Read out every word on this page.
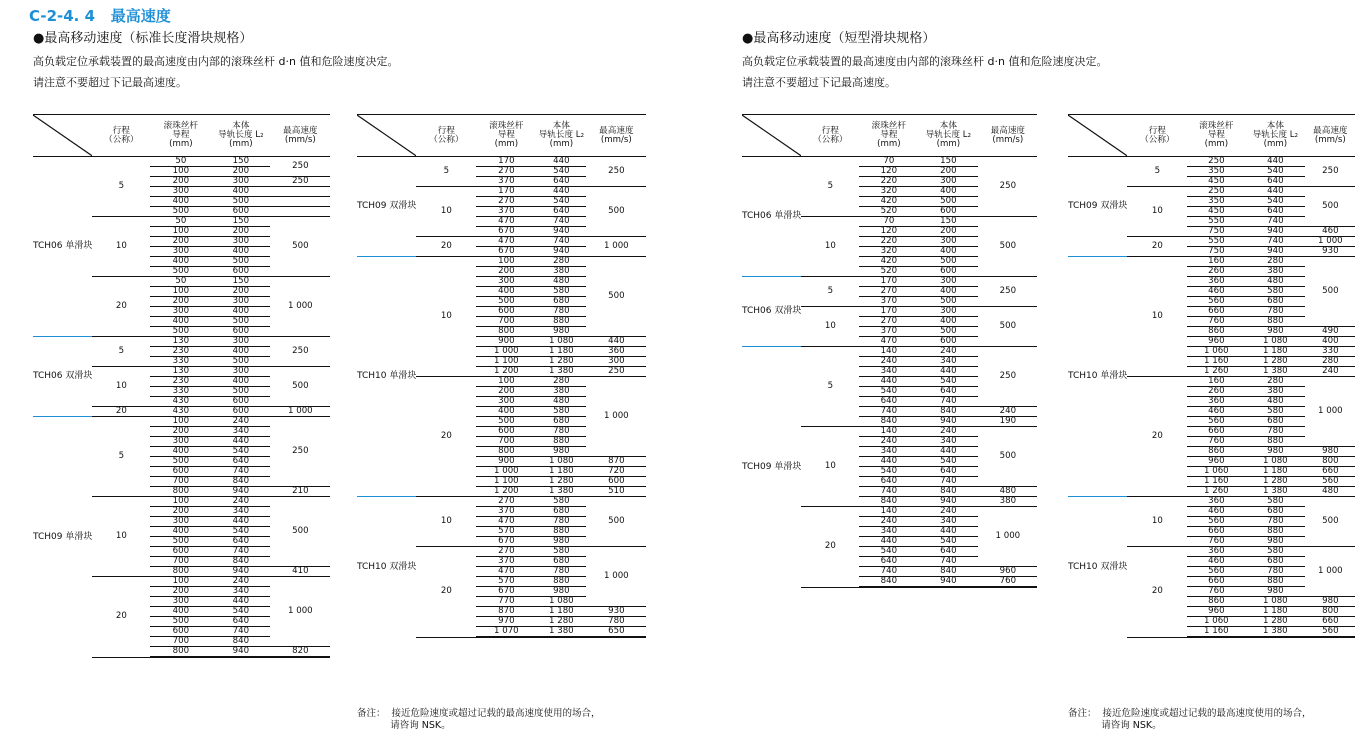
C-2-4. 4 最高速度
●最高移动速度（标准长度滑块规格）
高负载定位承载装置的最高速度由内部的滚珠丝杆 d·n 值和危险速度决定。
请注意不要超过下记最高速度。
●最高移动速度（短型滑块规格）
高负载定位承载装置的最高速度由内部的滚珠丝杆 d·n 值和危险速度决定。
请注意不要超过下记最高速度。
	行程
（公称）	滚珠丝杆
导程
(mm)	本体
导轨长度 L₂
(mm)	最高速度
(mm/s)
TCH06 单滑块	5	50	150	250
		100	200	
		200	300	250
		300	400	
		400	500	
		500	600	
	10	50	150	500
		100	200	
		200	300	
		300	400	
		400	500	
		500	600	
	20	50	150	1 000
		100	200	
		200	300	
		300	400	
		400	500	
		500	600	
TCH06 双滑块	5	130	300	250
		230	400	
		330	500	
	10	130	300	500
		230	400	
		330	500	
		430	600	
	20	430	600	1 000
TCH09 单滑块	5	100	240	250
		200	340	
		300	440	
		400	540	
		500	640	
		600	740	
		700	840	
		800	940	210
	10	100	240	500
		200	340	
		300	440	
		400	540	
		500	640	
		600	740	
		700	840	
		800	940	410
	20	100	240	1 000
		200	340	
		300	440	
		400	540	
		500	640	
		600	740	
		700	840	
		800	940	820
	行程
（公称）	滚珠丝杆
导程
(mm)	本体
导轨长度 L₂
(mm)	最高速度
(mm/s)
TCH09 双滑块	5	170	440	250
		270	540	
		370	640	
	10	170	440	500
		270	540	
		370	640	
		470	740	
		670	940	
	20	470	740	1 000
		670	940	
TCH10 单滑块	10	100	280	500
		200	380	
		300	480	
		400	580	
		500	680	
		600	780	
		700	880	
		800	980	
		900	1 080	440
		1 000	1 180	360
		1 100	1 280	300
		1 200	1 380	250
	20	100	280	1 000
		200	380	
		300	480	
		400	580	
		500	680	
		600	780	
		700	880	
		800	980	
		900	1 080	870
		1 000	1 180	720
		1 100	1 280	600
		1 200	1 380	510
TCH10 双滑块	10	270	580	500
		370	680	
		470	780	
		570	880	
		670	980	
	20	270	580	1 000
		370	680	
		470	780	
		570	880	
		670	980	
		770	1 080	
		870	1 180	930
		970	1 280	780
		1 070	1 380	650
	行程
（公称）	滚珠丝杆
导程
(mm)	本体
导轨长度 L₂
(mm)	最高速度
(mm/s)
TCH06 单滑块	5	70	150	250
		120	200	
		220	300	
		320	400	
		420	500	
		520	600	
	10	70	150	500
		120	200	
		220	300	
		320	400	
		420	500	
		520	600	
TCH06 双滑块	5	170	300	250
		270	400	
		370	500	
	10	170	300	500
		270	400	
		370	500	
		470	600	
TCH09 单滑块	5	140	240	250
		240	340	
		340	440	
		440	540	
		540	640	
		640	740	
		740	840	240
		840	940	190
	10	140	240	500
		240	340	
		340	440	
		440	540	
		540	640	
		640	740	
		740	840	480
		840	940	380
	20	140	240	1 000
		240	340	
		340	440	
		440	540	
		540	640	
		640	740	
		740	840	960
		840	940	760
	行程
（公称）	滚珠丝杆
导程
(mm)	本体
导轨长度 L₂
(mm)	最高速度
(mm/s)
TCH09 双滑块	5	250	440	250
		350	540	
		450	640	
	10	250	440	500
		350	540	
		450	640	
		550	740	
		750	940	460
	20	550	740	1 000
		750	940	930
TCH10 单滑块	10	160	280	500
		260	380	
		360	480	
		460	580	
		560	680	
		660	780	
		760	880	
		860	980	490
		960	1 080	400
		1 060	1 180	330
		1 160	1 280	280
		1 260	1 380	240
	20	160	280	1 000
		260	380	
		360	480	
		460	580	
		560	680	
		660	780	
		760	880	
		860	980	980
		960	1 080	800
		1 060	1 180	660
		1 160	1 280	560
		1 260	1 380	480
TCH10 双滑块	10	360	580	500
		460	680	
		560	780	
		660	880	
		760	980	
	20	360	580	1 000
		460	680	
		560	780	
		660	880	
		760	980	
		860	1 080	980
		960	1 180	800
		1 060	1 280	660
		1 160	1 380	560
备注：  接近危险速度或超过记载的最高速度使用的场合，
请咨询 NSK。
备注：  接近危险速度或超过记载的最高速度使用的场合，
请咨询 NSK。
